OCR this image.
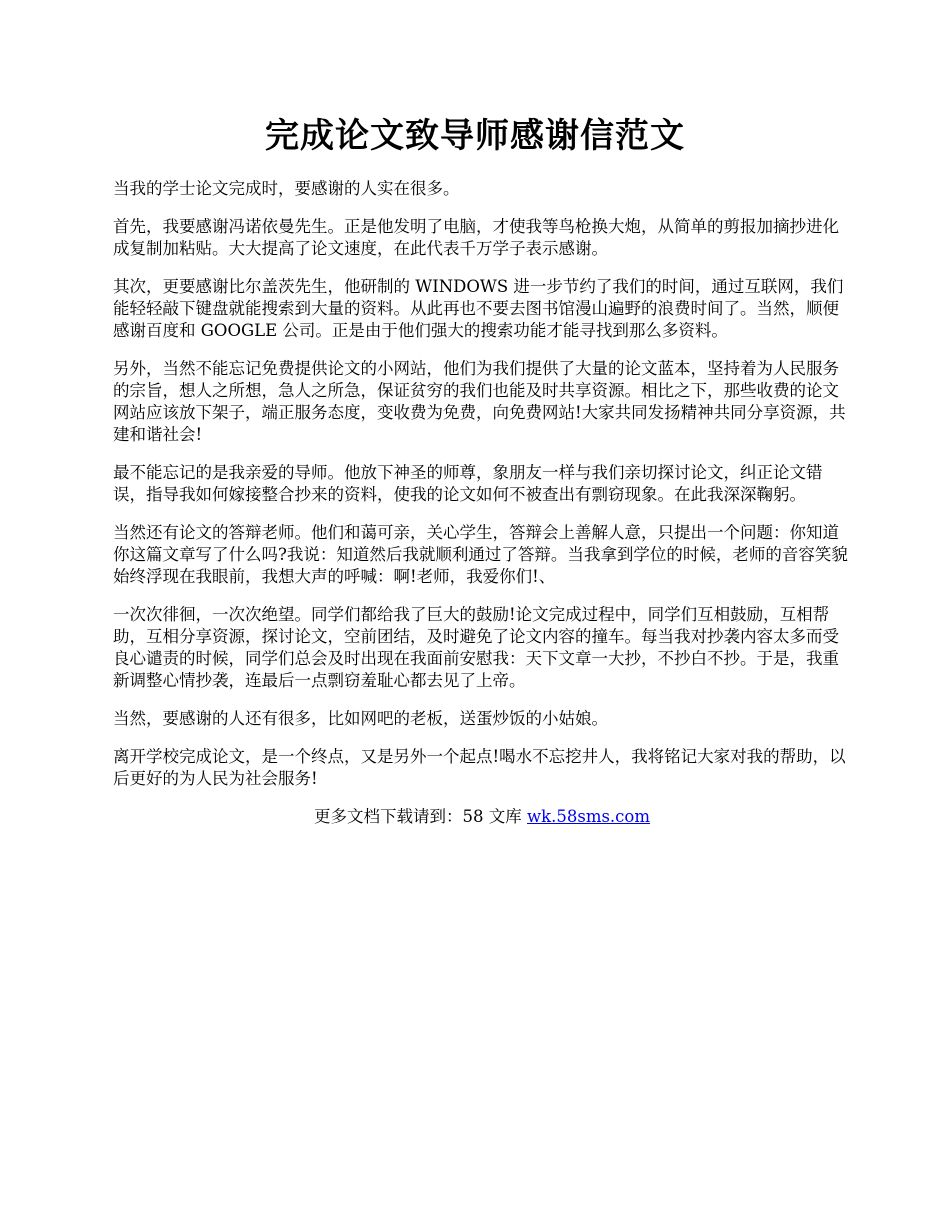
完成论文致导师感谢信范文

当我的学士论文完成时，要感谢的人实在很多。

首先，我要感谢冯诺依曼先生。正是他发明了电脑，才使我等鸟枪换大炮，从简单的剪报加摘抄进化成复制加粘贴。大大提高了论文速度，在此代表千万学子表示感谢。

其次，更要感谢比尔盖茨先生，他研制的 WINDOWS 进一步节约了我们的时间，通过互联网，我们能轻轻敲下键盘就能搜索到大量的资料。从此再也不要去图书馆漫山遍野的浪费时间了。当然，顺便感谢百度和 GOOGLE 公司。正是由于他们强大的搜索功能才能寻找到那么多资料。

另外，当然不能忘记免费提供论文的小网站，他们为我们提供了大量的论文蓝本，坚持着为人民服务的宗旨，想人之所想，急人之所急，保证贫穷的我们也能及时共享资源。相比之下，那些收费的论文网站应该放下架子，端正服务态度，变收费为免费，向免费网站!大家共同发扬精神共同分享资源，共建和谐社会!

最不能忘记的是我亲爱的导师。他放下神圣的师尊，象朋友一样与我们亲切探讨论文，纠正论文错误，指导我如何嫁接整合抄来的资料，使我的论文如何不被查出有剽窃现象。在此我深深鞠躬。

当然还有论文的答辩老师。他们和蔼可亲，关心学生，答辩会上善解人意，只提出一个问题：你知道你这篇文章写了什么吗?我说：知道然后我就顺利通过了答辩。当我拿到学位的时候，老师的音容笑貌始终浮现在我眼前，我想大声的呼喊：啊!老师，我爱你们!、

一次次徘徊，一次次绝望。同学们都给我了巨大的鼓励!论文完成过程中，同学们互相鼓励，互相帮助，互相分享资源，探讨论文，空前团结，及时避免了论文内容的撞车。每当我对抄袭内容太多而受良心谴责的时候，同学们总会及时出现在我面前安慰我：天下文章一大抄，不抄白不抄。于是，我重新调整心情抄袭，连最后一点剽窃羞耻心都去见了上帝。

当然，要感谢的人还有很多，比如网吧的老板，送蛋炒饭的小姑娘。

离开学校完成论文，是一个终点，又是另外一个起点!喝水不忘挖井人，我将铭记大家对我的帮助，以后更好的为人民为社会服务!

更多文档下载请到：58 文库 wk.58sms.com
